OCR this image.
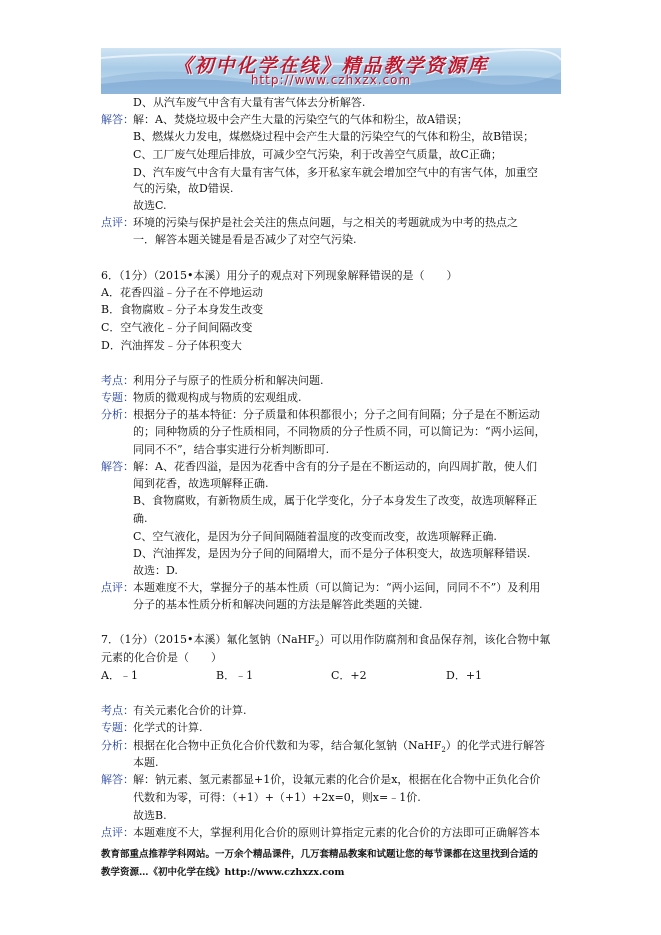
《初中化学在线》精品教学资源库
http://www.czhxzx.com
D、从汽车废气中含有大量有害气体去分析解答.
解答： 解：A、焚烧垃圾中会产生大量的污染空气的气体和粉尘，故A错误；
B、燃煤火力发电，煤燃烧过程中会产生大量的污染空气的气体和粉尘，故B错误；
C、工厂废气处理后排放，可减少空气污染，利于改善空气质量，故C正确；
D、汽车废气中含有大量有害气体，多开私家车就会增加空气中的有害气体，加重空
气的污染，故D错误.
故选C.
点评： 环境的污染与保护是社会关注的焦点问题，与之相关的考题就成为中考的热点之
一．解答本题关键是看是否减少了对空气污染.
6．（1分）（2015•本溪）用分子的观点对下列现象解释错误的是（　　）
A．花香四溢﹣分子在不停地运动
B．食物腐败﹣分子本身发生改变
C．空气液化﹣分子间间隔改变
D．汽油挥发﹣分子体积变大
考点： 利用分子与原子的性质分析和解决问题.
专题： 物质的微观构成与物质的宏观组成.
分析： 根据分子的基本特征：分子质量和体积都很小；分子之间有间隔；分子是在不断运动
的；同种物质的分子性质相同，不同物质的分子性质不同，可以简记为：“两小运间，
同同不不”，结合事实进行分析判断即可.
解答： 解：A、花香四溢，是因为花香中含有的分子是在不断运动的，向四周扩散，使人们
闻到花香，故选项解释正确.
B、食物腐败，有新物质生成，属于化学变化，分子本身发生了改变，故选项解释正
确.
C、空气液化，是因为分子间间隔随着温度的改变而改变，故选项解释正确.
D、汽油挥发，是因为分子间的间隔增大，而不是分子体积变大，故选项解释错误.
故选：D.
点评： 本题难度不大，掌握分子的基本性质（可以简记为：“两小运间，同同不不”）及利用
分子的基本性质分析和解决问题的方法是解答此类题的关键.
7．（1分）（2015•本溪）氟化氢钠（NaHF$_2$）可以用作防腐剂和食品保存剂，该化合物中氟
元素的化合价是（　　）
A．﹣1	B．﹣1	C．+2	D．+1
考点： 有关元素化合价的计算.
专题： 化学式的计算.
分析： 根据在化合物中正负化合价代数和为零，结合氟化氢钠（NaHF$_2$）的化学式进行解答
本题.
解答： 解：钠元素、氢元素都显+1价，设氟元素的化合价是x，根据在化合物中正负化合价
代数和为零，可得：（+1）+（+1）+2x=0，则x=﹣1价.
故选B.
点评： 本题难度不大，掌握利用化合价的原则计算指定元素的化合价的方法即可正确解答本
教育部重点推荐学科网站。一万余个精品课件，几万套精品教案和试题让您的每节课都在这里找到合适的
教学资源…《初中化学在线》http://www.czhxzx.com
